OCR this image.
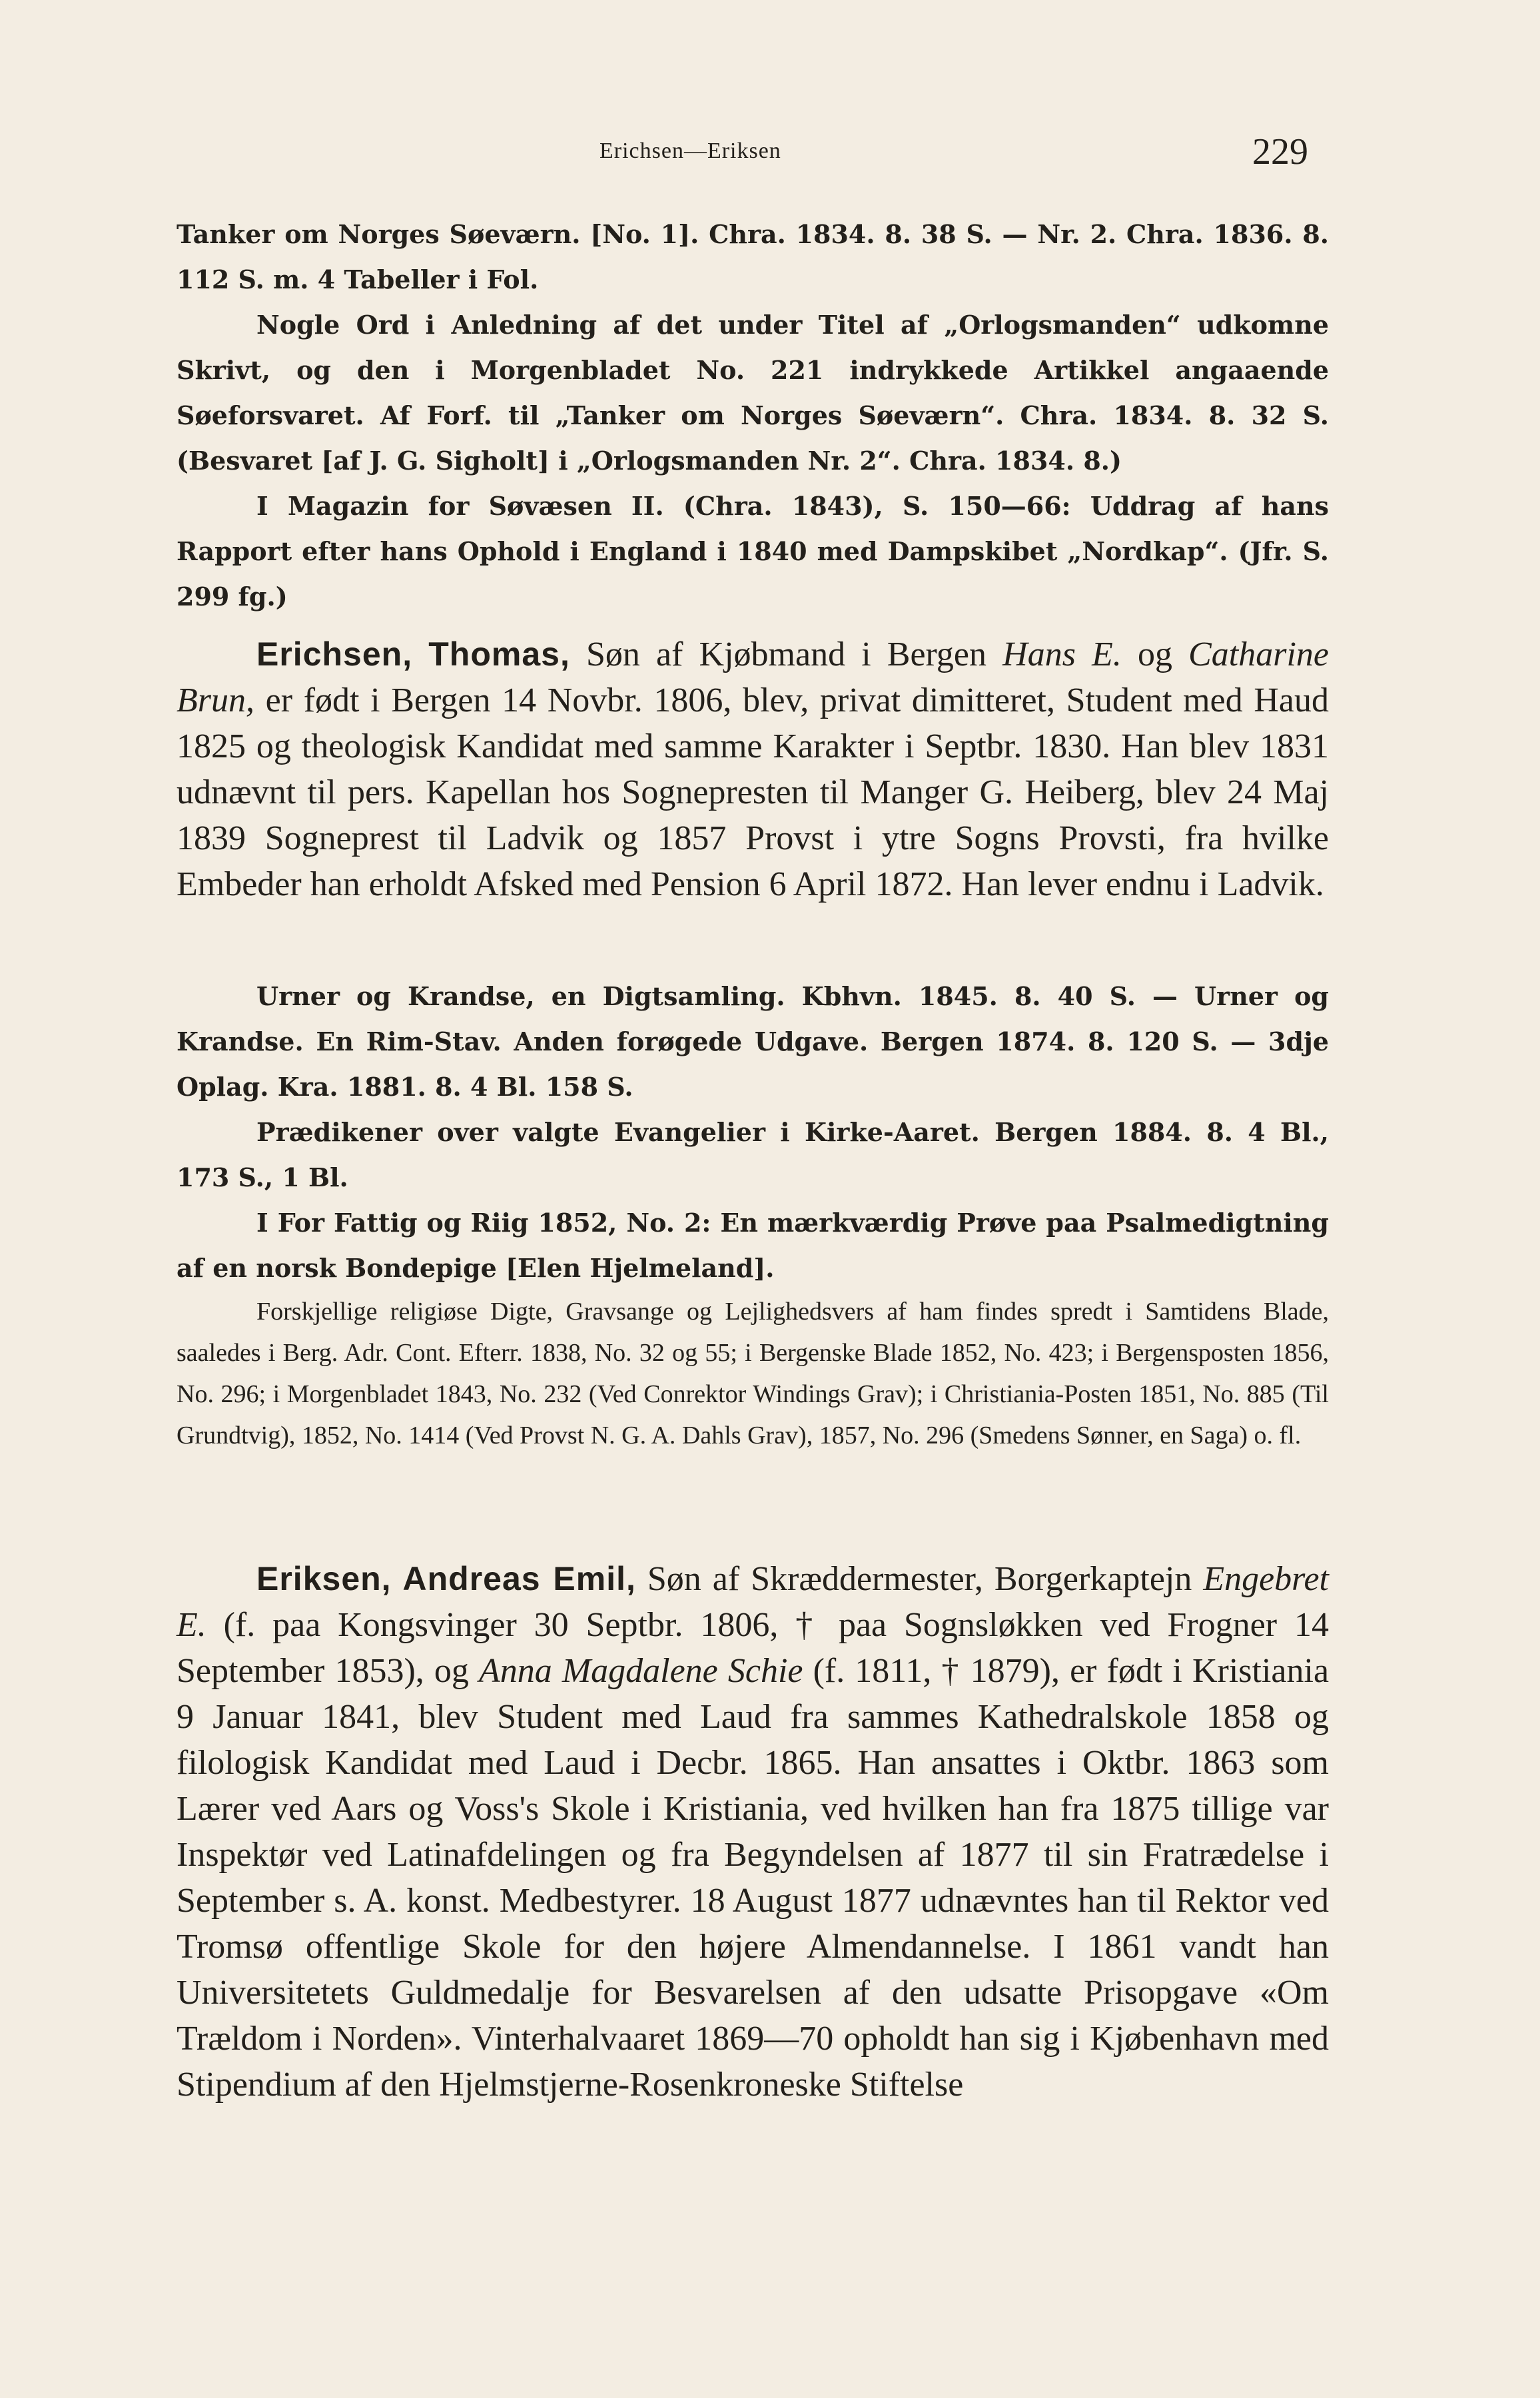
Erichsen—Eriksen	229

Tanker om Norges Søeværn. [No. 1]. Chra. 1834. 8. 38 S. — Nr. 2. Chra. 1836. 8. 112 S. m. 4 Tabeller i Fol.

Nogle Ord i Anledning af det under Titel af „Orlogsmanden“ udkomne Skrivt, og den i Morgenbladet No. 221 indrykkede Artikkel angaaende Søeforsvaret. Af Forf. til „Tanker om Norges Søeværn“. Chra. 1834. 8. 32 S. (Besvaret [af J. G. Sigholt] i „Orlogsmanden Nr. 2“. Chra. 1834. 8.)

I Magazin for Søvæsen II. (Chra. 1843), S. 150—66: Uddrag af hans Rapport efter hans Ophold i England i 1840 med Dampskibet „Nordkap“. (Jfr. S. 299 fg.)

Erichsen, Thomas, Søn af Kjøbmand i Bergen Hans E. og Catharine Brun, er født i Bergen 14 Novbr. 1806, blev, privat dimitteret, Student med Haud 1825 og theologisk Kandidat med samme Karakter i Septbr. 1830. Han blev 1831 udnævnt til pers. Kapellan hos Sognepresten til Manger G. Heiberg, blev 24 Maj 1839 Sogneprest til Ladvik og 1857 Provst i ytre Sogns Provsti, fra hvilke Embeder han erholdt Afsked med Pension 6 April 1872. Han lever endnu i Ladvik.

Urner og Krandse, en Digtsamling. Kbhvn. 1845. 8. 40 S. — Urner og Krandse. En Rim-Stav. Anden forøgede Udgave. Bergen 1874. 8. 120 S. — 3dje Oplag. Kra. 1881. 8. 4 Bl. 158 S.

Prædikener over valgte Evangelier i Kirke-Aaret. Bergen 1884. 8. 4 Bl., 173 S., 1 Bl.

I For Fattig og Riig 1852, No. 2: En mærkværdig Prøve paa Psalmedigtning af en norsk Bondepige [Elen Hjelmeland].

Forskjellige religiøse Digte, Gravsange og Lejlighedsvers af ham findes spredt i Samtidens Blade, saaledes i Berg. Adr. Cont. Efterr. 1838, No. 32 og 55; i Bergenske Blade 1852, No. 423; i Bergensposten 1856, No. 296; i Morgenbladet 1843, No. 232 (Ved Conrektor Windings Grav); i Christiania-Posten 1851, No. 885 (Til Grundtvig), 1852, No. 1414 (Ved Provst N. G. A. Dahls Grav), 1857, No. 296 (Smedens Sønner, en Saga) o. fl.

Eriksen, Andreas Emil, Søn af Skræddermester, Borgerkaptejn Engebret E. (f. paa Kongsvinger 30 Septbr. 1806, † paa Sognsløkken ved Frogner 14 September 1853), og Anna Magdalene Schie (f. 1811, † 1879), er født i Kristiania 9 Januar 1841, blev Student med Laud fra sammes Kathedralskole 1858 og filologisk Kandidat med Laud i Decbr. 1865. Han ansattes i Oktbr. 1863 som Lærer ved Aars og Voss's Skole i Kristiania, ved hvilken han fra 1875 tillige var Inspektør ved Latinafdelingen og fra Begyndelsen af 1877 til sin Fratrædelse i September s. A. konst. Medbestyrer. 18 August 1877 udnævntes han til Rektor ved Tromsø offentlige Skole for den højere Almendannelse. I 1861 vandt han Universitetets Guldmedalje for Besvarelsen af den udsatte Prisopgave «Om Trældom i Norden». Vinterhalvaaret 1869—70 opholdt han sig i Kjøbenhavn med Stipendium af den Hjelmstjerne-Rosenkroneske Stiftelse
